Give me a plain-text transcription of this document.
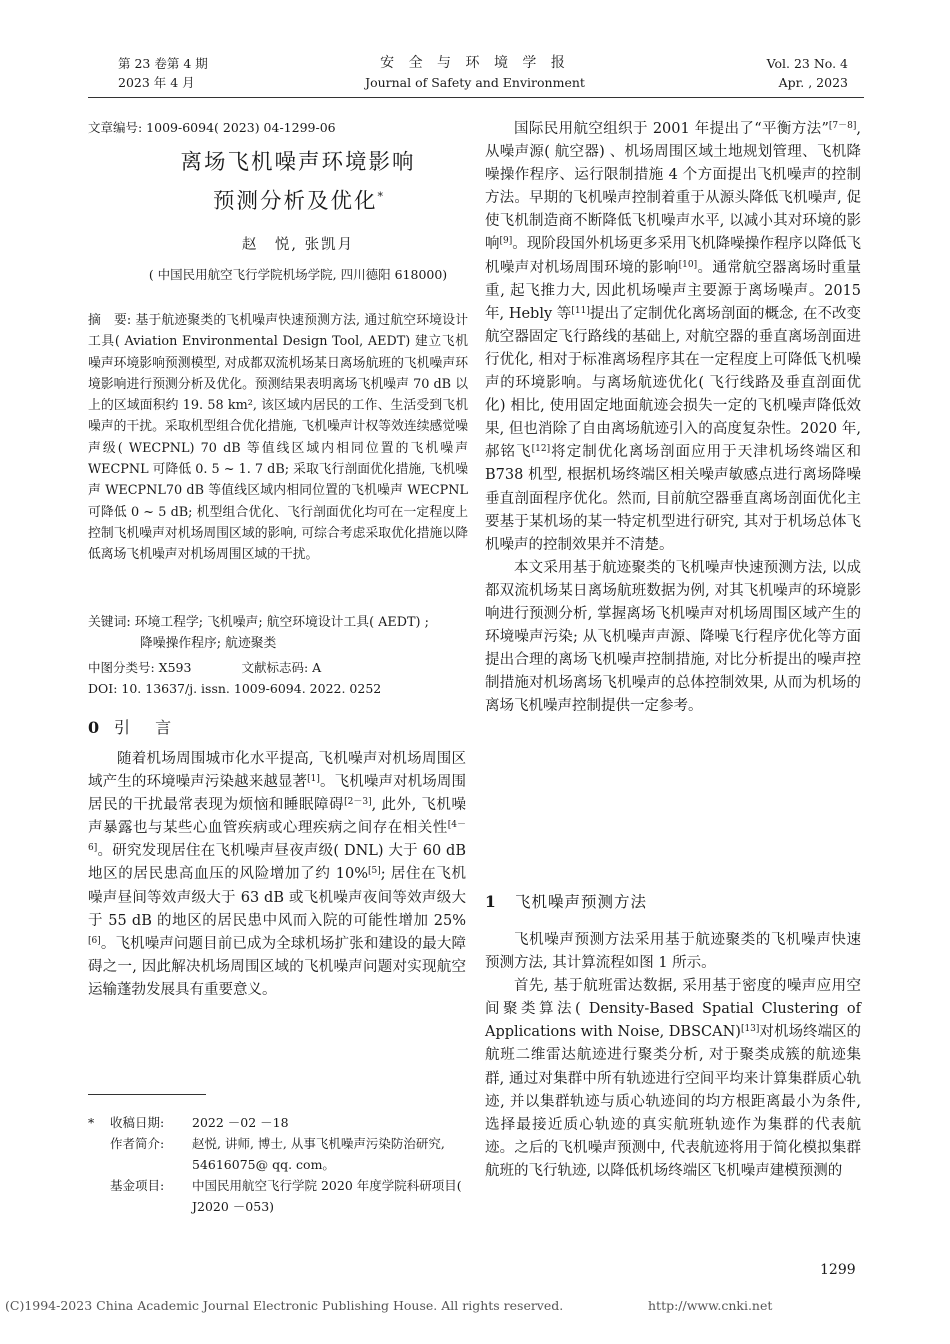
第 23 卷第 4 期
2023 年 4 月
安 全 与 环 境 学 报
Journal of Safety and Environment
Vol. 23 No. 4
Apr. , 2023
文章编号: 1009-6094( 2023) 04-1299-06
离场飞机噪声环境影响
预测分析及优化*
赵　悦, 张凯月
( 中国民用航空飞行学院机场学院, 四川德阳 618000)

摘　要: 基于航迹聚类的飞机噪声快速预测方法, 通过航空环境设计工具( Aviation Environmental Design Tool, AEDT) 建立飞机噪声环境影响预测模型, 对成都双流机场某日离场航班的飞机噪声环境影响进行预测分析及优化。预测结果表明离场飞机噪声 70 dB 以上的区域面积约 19. 58 km², 该区域内居民的工作、生活受到飞机噪声的干扰。采取机型组合优化措施, 飞机噪声计权等效连续感觉噪声级( WECPNL) 70 dB 等值线区域内相同位置的飞机噪声 WECPNL 可降低 0. 5 ~ 1. 7 dB; 采取飞行剖面优化措施, 飞机噪声 WECPNL70 dB 等值线区域内相同位置的飞机噪声 WECPNL 可降低 0 ~ 5 dB; 机型组合优化、飞行剖面优化均可在一定程度上控制飞机噪声对机场周围区域的影响, 可综合考虑采取优化措施以降低离场飞机噪声对机场周围区域的干扰。

关键词: 环境工程学; 飞机噪声; 航空环境设计工具( AEDT) ;
降噪操作程序; 航迹聚类
中图分类号: X593　　　　文献标志码: A
DOI: 10. 13637/j. issn. 1009-6094. 2022. 0252
0 引 言

随着机场周围城市化水平提高, 飞机噪声对机场周围区域产生的环境噪声污染越来越显著[1]。飞机噪声对机场周围居民的干扰最常表现为烦恼和睡眠障碍[2－3], 此外, 飞机噪声暴露也与某些心血管疾病或心理疾病之间存在相关性[4－6]。研究发现居住在飞机噪声昼夜声级( DNL) 大于 60 dB 地区的居民患高血压的风险增加了约 10%[5]; 居住在飞机噪声昼间等效声级大于 63 dB 或飞机噪声夜间等效声级大于 55 dB 的地区的居民患中风而入院的可能性增加 25%[6]。飞机噪声问题目前已成为全球机场扩张和建设的最大障碍之一, 因此解决机场周围区域的飞机噪声问题对实现航空运输蓬勃发展具有重要意义。

*	收稿日期:	2022 －02 －18
作者简介:	赵悦, 讲师, 博士, 从事飞机噪声污染防治研究, 54616075@ qq. com。
基金项目:	中国民用航空飞行学院 2020 年度学院科研项目( J2020 －053)

国际民用航空组织于 2001 年提出了“平衡方法”[7－8], 从噪声源( 航空器) 、机场周围区域土地规划管理、飞机降噪操作程序、运行限制措施 4 个方面提出飞机噪声的控制方法。早期的飞机噪声控制着重于从源头降低飞机噪声, 促使飞机制造商不断降低飞机噪声水平, 以减小其对环境的影响[9]。现阶段国外机场更多采用飞机降噪操作程序以降低飞机噪声对机场周围环境的影响[10]。通常航空器离场时重量重, 起飞推力大, 因此机场噪声主要源于离场噪声。2015 年, Hebly 等[11]提出了定制优化离场剖面的概念, 在不改变航空器固定飞行路线的基础上, 对航空器的垂直离场剖面进行优化, 相对于标准离场程序其在一定程度上可降低飞机噪声的环境影响。与离场航迹优化( 飞行线路及垂直剖面优化) 相比, 使用固定地面航迹会损失一定的飞机噪声降低效果, 但也消除了自由离场航迹引入的高度复杂性。2020 年, 郝铭飞[12]将定制优化离场剖面应用于天津机场终端区和 B738 机型, 根据机场终端区相关噪声敏感点进行离场降噪垂直剖面程序优化。然而, 目前航空器垂直离场剖面优化主要基于某机场的某一特定机型进行研究, 其对于机场总体飞机噪声的控制效果并不清楚。

本文采用基于航迹聚类的飞机噪声快速预测方法, 以成都双流机场某日离场航班数据为例, 对其飞机噪声的环境影响进行预测分析, 掌握离场飞机噪声对机场周围区域产生的环境噪声污染; 从飞机噪声声源、降噪飞行程序优化等方面提出合理的离场飞机噪声控制措施, 对比分析提出的噪声控制措施对机场离场飞机噪声的总体控制效果, 从而为机场的离场飞机噪声控制提供一定参考。

1 飞机噪声预测方法

飞机噪声预测方法采用基于航迹聚类的飞机噪声快速预测方法, 其计算流程如图 1 所示。

首先, 基于航班雷达数据, 采用基于密度的噪声应用空间聚类算法( Density-Based Spatial Clustering of Applications with Noise, DBSCAN)[13]对机场终端区的航班二维雷达航迹进行聚类分析, 对于聚类成簇的航迹集群, 通过对集群中所有轨迹进行空间平均来计算集群质心轨迹, 并以集群轨迹与质心轨迹间的均方根距离最小为条件, 选择最接近质心轨迹的真实航班轨迹作为集群的代表航迹。之后的飞机噪声预测中, 代表航迹将用于简化模拟集群航班的飞行轨迹, 以降低机场终端区飞机噪声建模预测的

1299
(C)1994-2023 China Academic Journal Electronic Publishing House. All rights reserved.	http://www.cnki.net
